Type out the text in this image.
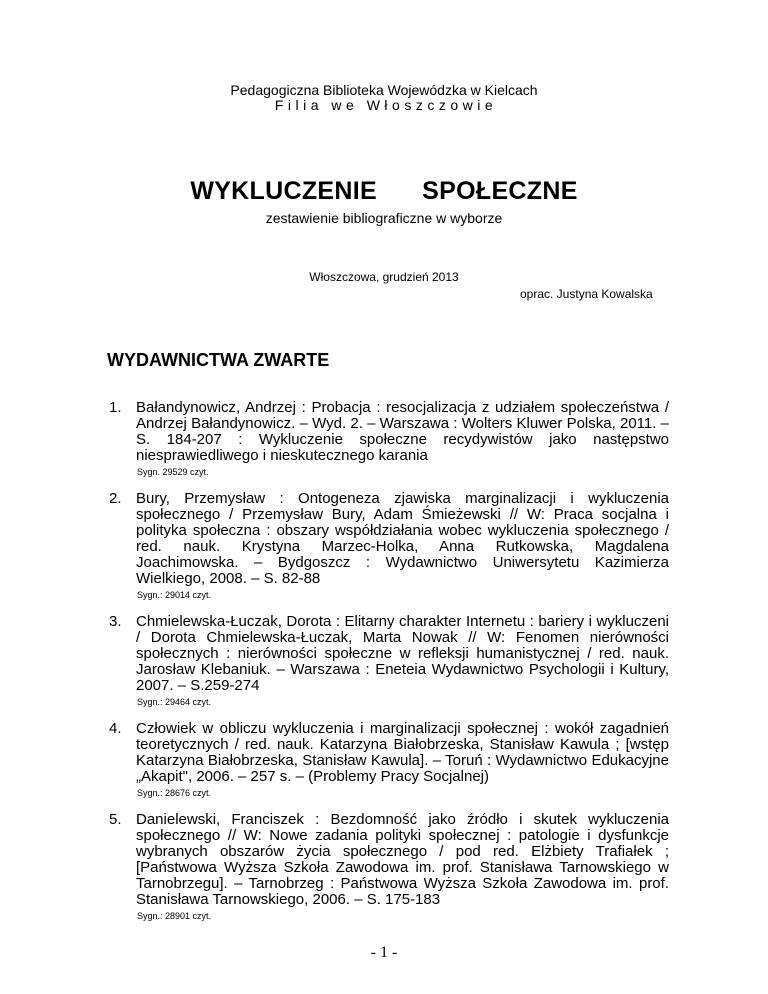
Pedagogiczna Biblioteka Wojewódzka w Kielcach
Filia we Włoszczowie
WYKLUCZENIE SPOŁECZNE
zestawienie bibliograficzne w wyborze
Włoszczowa, grudzień 2013
oprac. Justyna Kowalska
WYDAWNICTWA ZWARTE
1. Bałandynowicz, Andrzej : Probacja : resocjalizacja z udziałem społeczeństwa / Andrzej Bałandynowicz. – Wyd. 2. – Warszawa : Wolters Kluwer Polska, 2011. – S. 184-207 : Wykluczenie społeczne recydywistów jako następstwo niesprawiedliwego i nieskutecznego karania
Sygn. 29529 czyt.
2. Bury, Przemysław : Ontogeneza zjawiska marginalizacji i wykluczenia społecznego / Przemysław Bury, Adam Śmieżewski // W: Praca socjalna i polityka społeczna : obszary współdziałania wobec wykluczenia społecznego / red. nauk. Krystyna Marzec-Holka, Anna Rutkowska, Magdalena Joachimowska. – Bydgoszcz : Wydawnictwo Uniwersytetu Kazimierza Wielkiego, 2008. – S. 82-88
Sygn.: 29014 czyt.
3. Chmielewska-Łuczak, Dorota : Elitarny charakter Internetu : bariery i wykluczeni / Dorota Chmielewska-Łuczak, Marta Nowak // W: Fenomen nierówności społecznych : nierówności społeczne w refleksji humanistycznej / red. nauk. Jarosław Klebaniuk. – Warszawa : Eneteia Wydawnictwo Psychologii i Kultury, 2007. – S.259-274
Sygn.: 29464 czyt.
4. Człowiek w obliczu wykluczenia i marginalizacji społecznej : wokół zagadnień teoretycznych / red. nauk. Katarzyna Białobrzeska, Stanisław Kawula ; [wstęp Katarzyna Białobrzeska, Stanisław Kawula]. – Toruń : Wydawnictwo Edukacyjne „Akapit", 2006. – 257 s. – (Problemy Pracy Socjalnej)
Sygn.: 28676 czyt.
5. Danielewski, Franciszek : Bezdomność jako źródło i skutek wykluczenia społecznego // W: Nowe zadania polityki społecznej : patologie i dysfunkcje wybranych obszarów życia społecznego / pod red. Elżbiety Trafiałek ; [Państwowa Wyższa Szkoła Zawodowa im. prof. Stanisława Tarnowskiego w Tarnobrzegu]. – Tarnobrzeg : Państwowa Wyższa Szkoła Zawodowa im. prof. Stanisława Tarnowskiego, 2006. – S. 175-183
Sygn.: 28901 czyt.
- 1 -
